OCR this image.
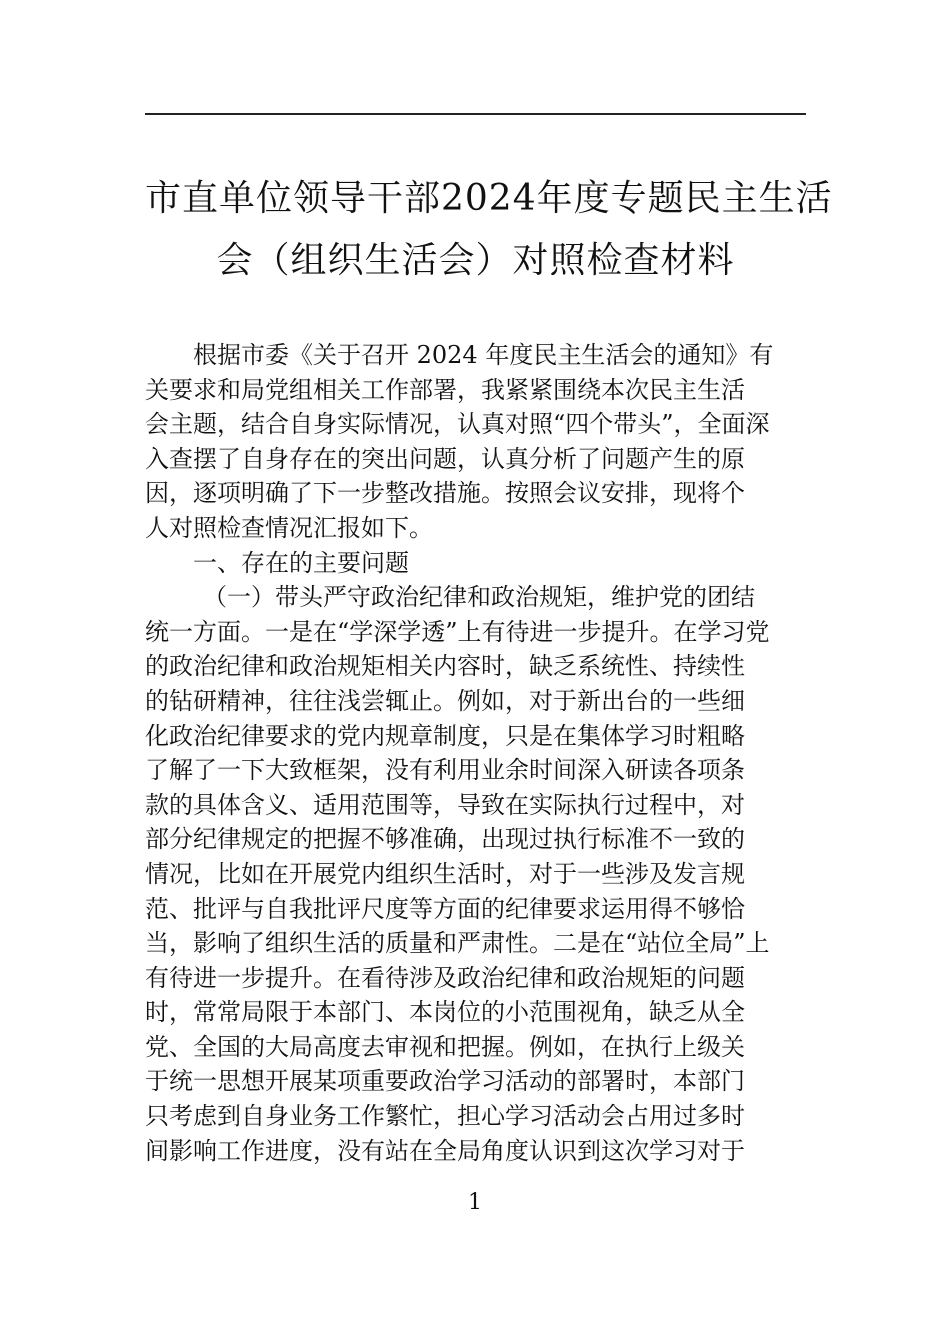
市直单位领导干部2024年度专题民主生活
会（组织生活会）对照检查材料

根据市委《关于召开 2024 年度民主生活会的通知》有

关要求和局党组相关工作部署，我紧紧围绕本次民主生活

会主题，结合自身实际情况，认真对照“四个带头”，全面深

入查摆了自身存在的突出问题，认真分析了问题产生的原

因，逐项明确了下一步整改措施。按照会议安排，现将个

人对照检查情况汇报如下。

一、存在的主要问题

（一）带头严守政治纪律和政治规矩，维护党的团结

统一方面。一是在“学深学透”上有待进一步提升。在学习党

的政治纪律和政治规矩相关内容时，缺乏系统性、持续性

的钻研精神，往往浅尝辄止。例如，对于新出台的一些细

化政治纪律要求的党内规章制度，只是在集体学习时粗略

了解了一下大致框架，没有利用业余时间深入研读各项条

款的具体含义、适用范围等，导致在实际执行过程中，对

部分纪律规定的把握不够准确，出现过执行标准不一致的

情况，比如在开展党内组织生活时，对于一些涉及发言规

范、批评与自我批评尺度等方面的纪律要求运用得不够恰

当，影响了组织生活的质量和严肃性。二是在“站位全局”上

有待进一步提升。在看待涉及政治纪律和政治规矩的问题

时，常常局限于本部门、本岗位的小范围视角，缺乏从全

党、全国的大局高度去审视和把握。例如，在执行上级关

于统一思想开展某项重要政治学习活动的部署时，本部门

只考虑到自身业务工作繁忙，担心学习活动会占用过多时

间影响工作进度，没有站在全局角度认识到这次学习对于

1
